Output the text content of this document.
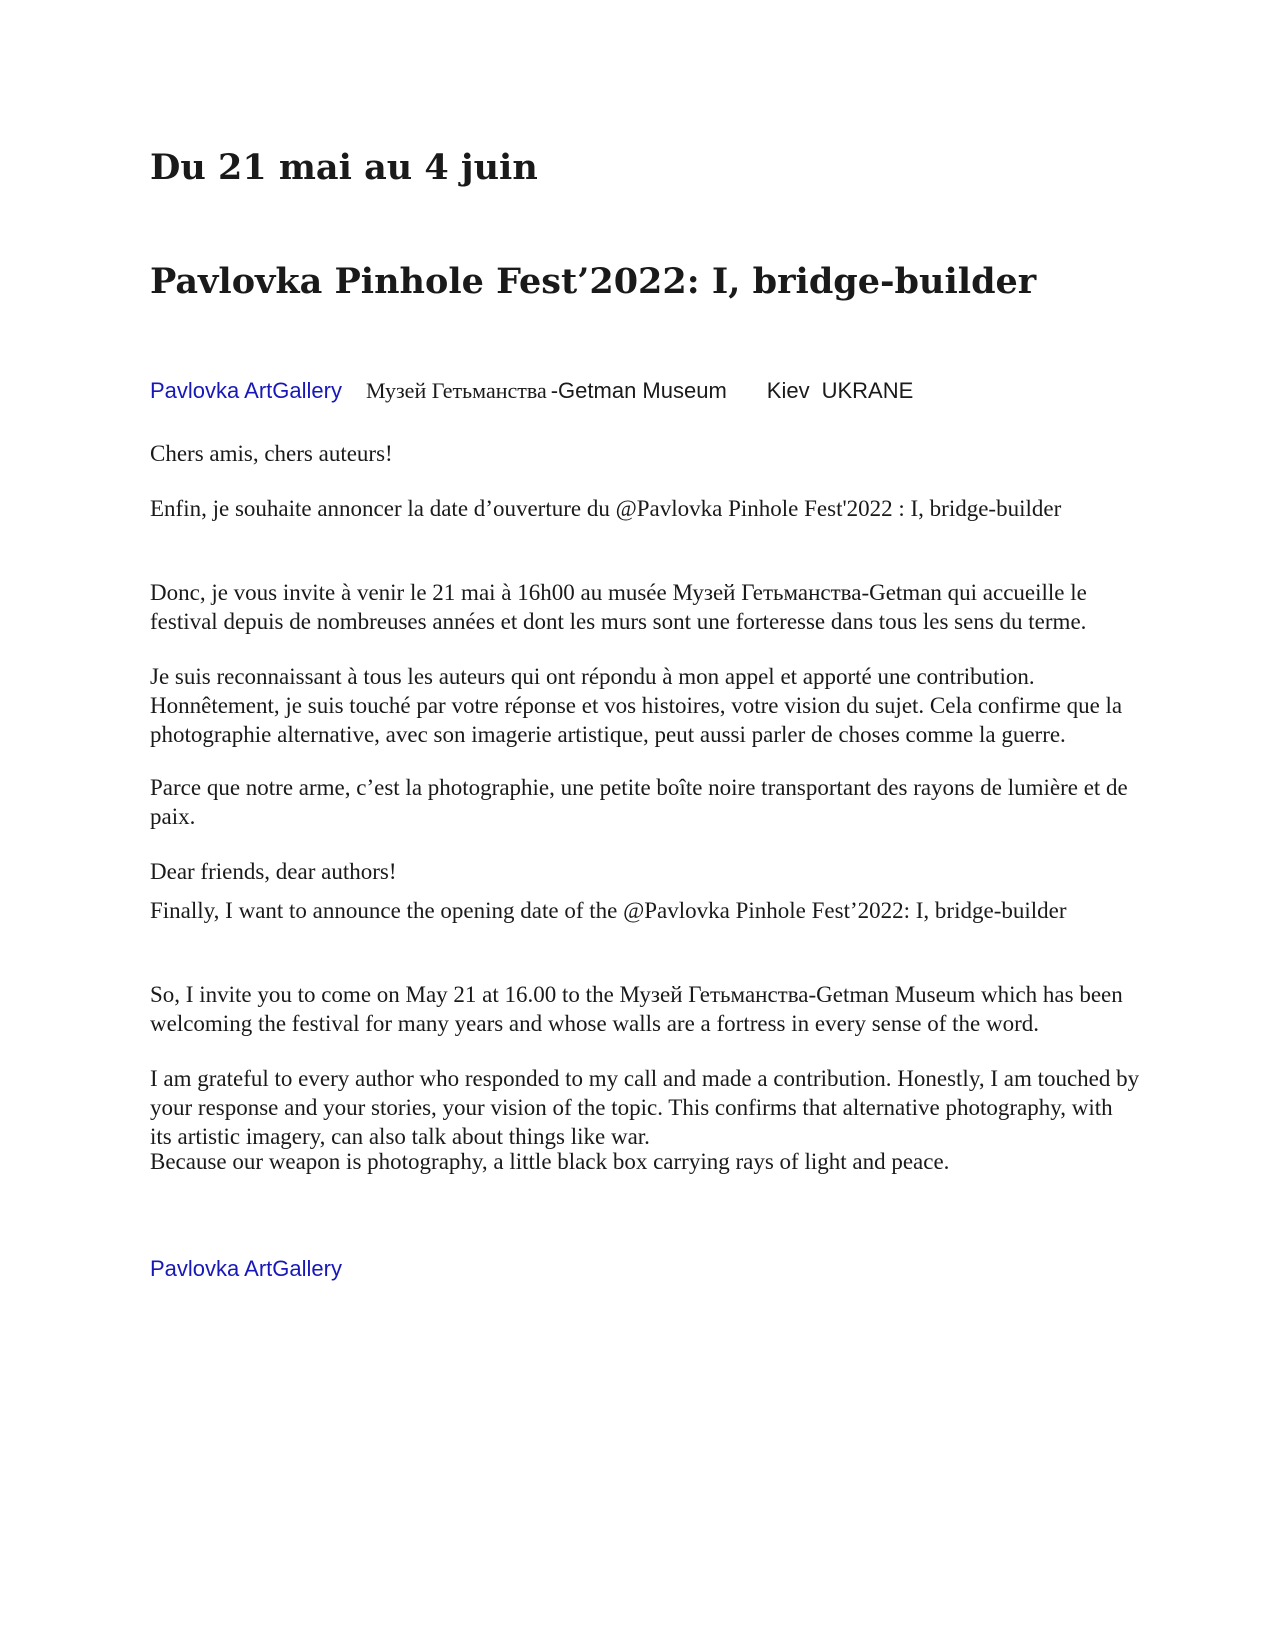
Du 21 mai au 4 juin
Pavlovka Pinhole Fest’2022: I, bridge-builder
Pavlovka ArtGallery Музей Гетьманства -Getman Museum Kiev UKRANE

Chers amis, chers auteurs!

Enfin, je souhaite annoncer la date d’ouverture du @Pavlovka Pinhole Fest'2022 : I, bridge-builder

Donc, je vous invite à venir le 21 mai à 16h00 au musée Музей Гетьманства-Getman qui accueille le festival depuis de nombreuses années et dont les murs sont une forteresse dans tous les sens du terme.

Je suis reconnaissant à tous les auteurs qui ont répondu à mon appel et apporté une contribution. Honnêtement, je suis touché par votre réponse et vos histoires, votre vision du sujet. Cela confirme que la photographie alternative, avec son imagerie artistique, peut aussi parler de choses comme la guerre.

Parce que notre arme, c’est la photographie, une petite boîte noire transportant des rayons de lumière et de paix.

Dear friends, dear authors!

Finally, I want to announce the opening date of the @Pavlovka Pinhole Fest’2022: I, bridge-builder

So, I invite you to come on May 21 at 16.00 to the Музей Гетьманства-Getman Museum which has been welcoming the festival for many years and whose walls are a fortress in every sense of the word.

I am grateful to every author who responded to my call and made a contribution. Honestly, I am touched by your response and your stories, your vision of the topic. This confirms that alternative photography, with its artistic imagery, can also talk about things like war.

Because our weapon is photography, a little black box carrying rays of light and peace.

Pavlovka ArtGallery
